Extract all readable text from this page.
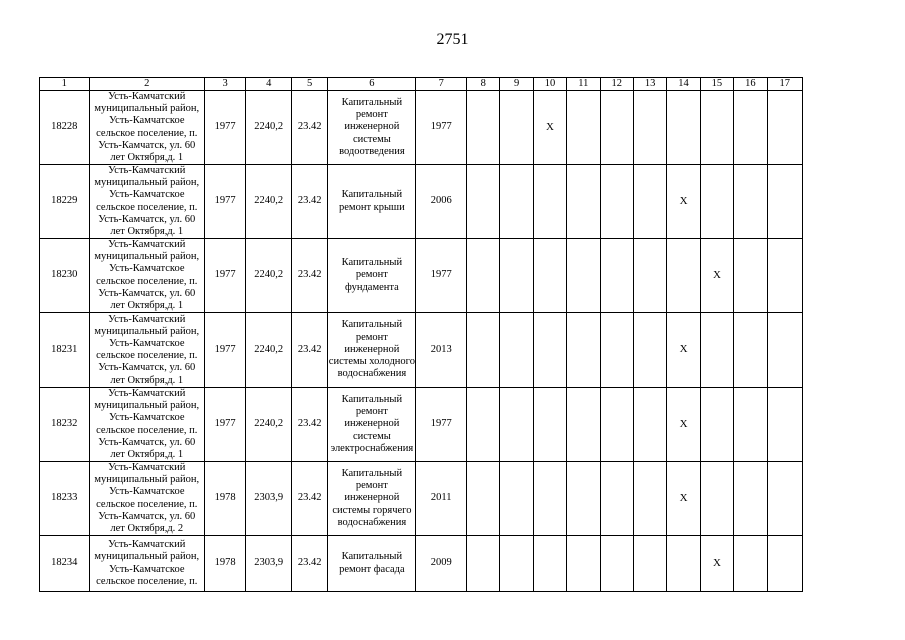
2751
1	2	3	4	5	6	7	8	9	10	11	12	13	14	15	16	17

18228	Усть-Камчатский муниципальный район, Усть-Камчатское сельское поселение, п. Усть-Камчатск, ул. 60 лет Октября,д. 1	1977	2240,2	23.42	Капитальный ремонт инженерной системы водоотведения	1977			X							

18229	Усть-Камчатский муниципальный район, Усть-Камчатское сельское поселение, п. Усть-Камчатск, ул. 60 лет Октября,д. 1	1977	2240,2	23.42	Капитальный ремонт крыши	2006							X			

18230	Усть-Камчатский муниципальный район, Усть-Камчатское сельское поселение, п. Усть-Камчатск, ул. 60 лет Октября,д. 1	1977	2240,2	23.42	Капитальный ремонт фундамента	1977								X		

18231	Усть-Камчатский муниципальный район, Усть-Камчатское сельское поселение, п. Усть-Камчатск, ул. 60 лет Октября,д. 1	1977	2240,2	23.42	Капитальный ремонт инженерной системы холодного водоснабжения	2013							X			

18232	Усть-Камчатский муниципальный район, Усть-Камчатское сельское поселение, п. Усть-Камчатск, ул. 60 лет Октября,д. 1	1977	2240,2	23.42	Капитальный ремонт инженерной системы электроснабжения	1977							X			

18233	Усть-Камчатский муниципальный район, Усть-Камчатское сельское поселение, п. Усть-Камчатск, ул. 60 лет Октября,д. 2	1978	2303,9	23.42	Капитальный ремонт инженерной системы горячего водоснабжения	2011							X			

18234	Усть-Камчатский муниципальный район, Усть-Камчатское сельское поселение, п.	1978	2303,9	23.42	Капитальный ремонт фасада	2009								X		
